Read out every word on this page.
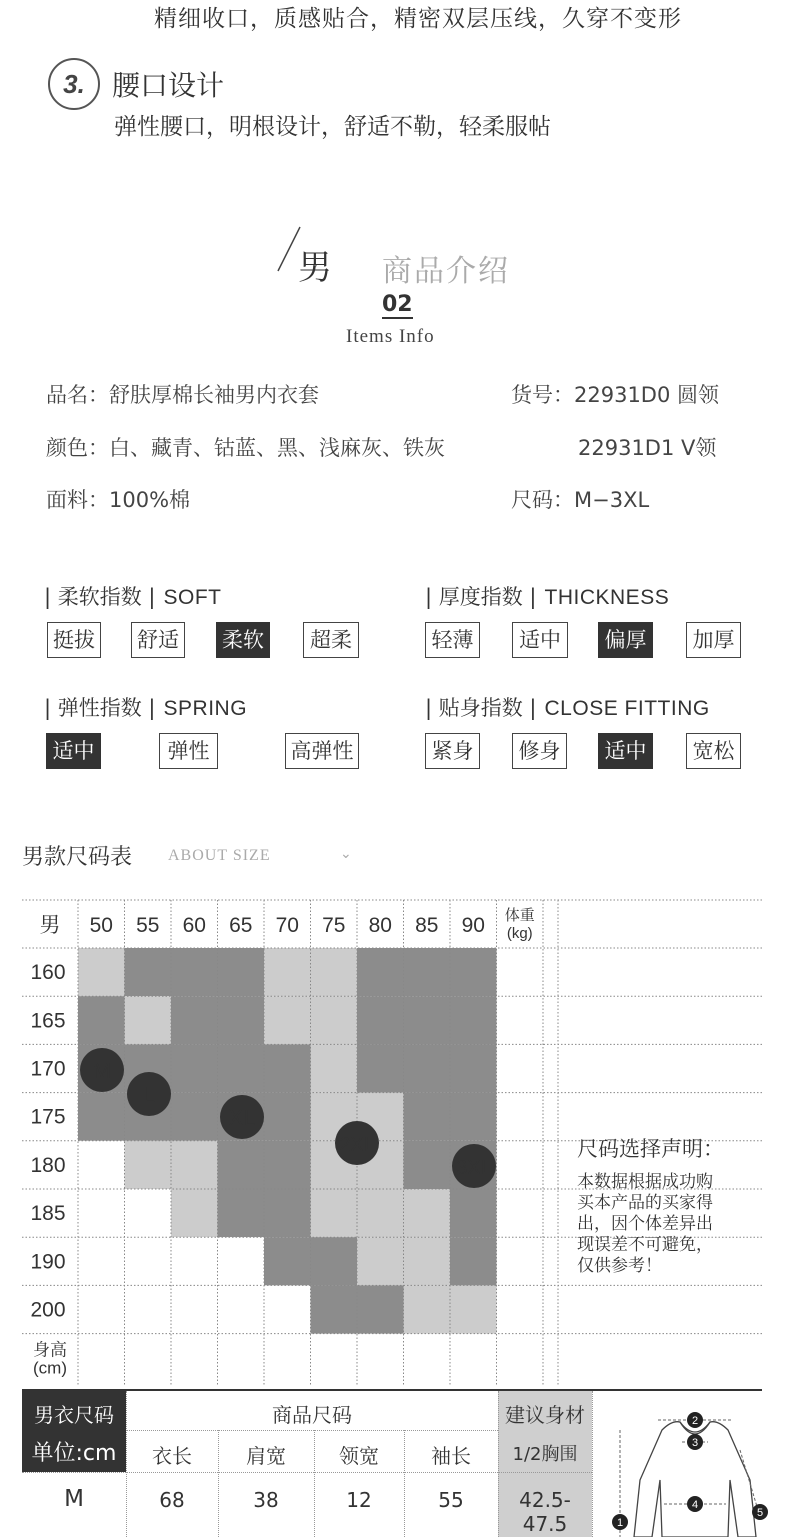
精细收口，质感贴合，精密双层压线，久穿不变形
3. 腰口设计
弹性腰口，明根设计，舒适不勒，轻柔服帖
男 商品介绍
02
Items Info
品名：舒肤厚棉长袖男内衣套
颜色：白、藏青、钴蓝、黑、浅麻灰、铁灰
面料：100%棉
货号：22931D0 圆领
22931D1 V领
尺码：M−3XL
| 柔软指数 | SOFT
挺拔 舒适 柔软	超柔
| 厚度指数 | THICKNESS
轻薄	适中	偏厚	加厚
| 弹性指数 | SPRING
适中	弹性	高弹性
| 贴身指数 | CLOSE FITTING
紧身	修身	适中	宽松
男款尺码表 ABOUT SIZE	⌄
男 50 55 60 65 70 75 80 85 90 体重
(kg)
160
165
170
175
180
185
190
200
身高
(cm)
M
L
XL
2XL
3XL
尺码选择声明：
本数据根据成功购
买本产品的买家得
出，因个体差异出
现误差不可避免，
仅供参考！
男衣尺码
单位:cm
商品尺码
衣长	肩宽	领宽	袖长
建议身材
1/2胸围
M	68	38	12	55	42.5-47.5	1
2
3
4
5
